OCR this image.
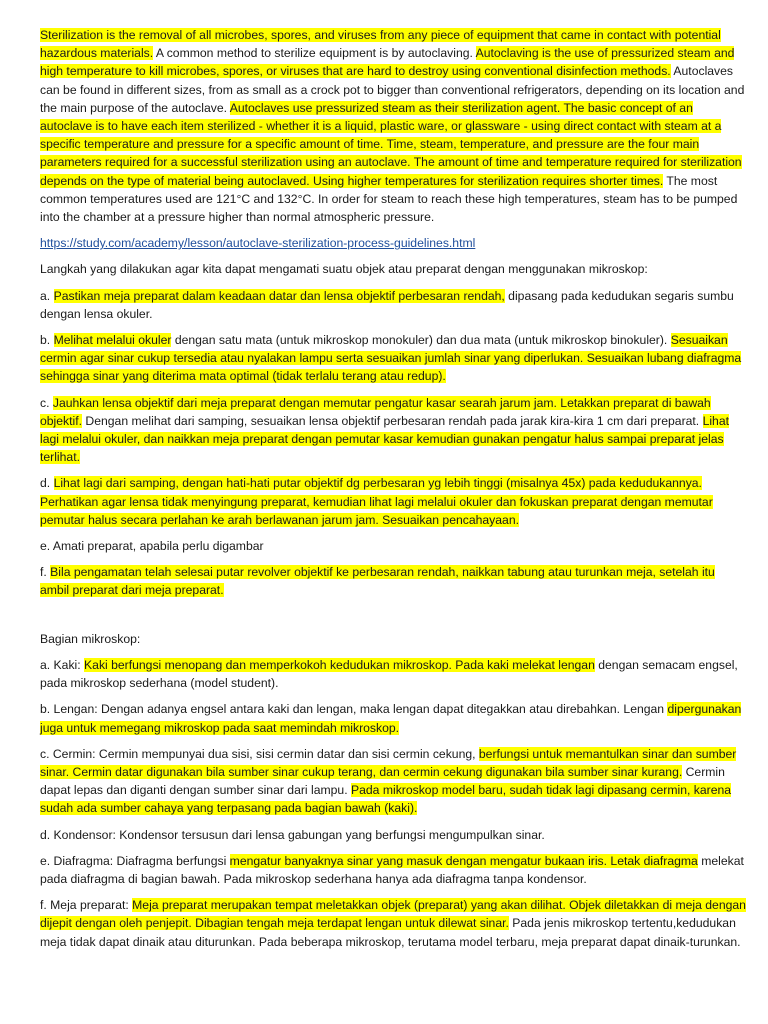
Sterilization is the removal of all microbes, spores, and viruses from any piece of equipment that came in contact with potential hazardous materials. A common method to sterilize equipment is by autoclaving. Autoclaving is the use of pressurized steam and high temperature to kill microbes, spores, or viruses that are hard to destroy using conventional disinfection methods. Autoclaves can be found in different sizes, from as small as a crock pot to bigger than conventional refrigerators, depending on its location and the main purpose of the autoclave. Autoclaves use pressurized steam as their sterilization agent. The basic concept of an autoclave is to have each item sterilized - whether it is a liquid, plastic ware, or glassware - using direct contact with steam at a specific temperature and pressure for a specific amount of time. Time, steam, temperature, and pressure are the four main parameters required for a successful sterilization using an autoclave. The amount of time and temperature required for sterilization depends on the type of material being autoclaved. Using higher temperatures for sterilization requires shorter times. The most common temperatures used are 121°C and 132°C. In order for steam to reach these high temperatures, steam has to be pumped into the chamber at a pressure higher than normal atmospheric pressure.

https://study.com/academy/lesson/autoclave-sterilization-process-guidelines.html

Langkah yang dilakukan agar kita dapat mengamati suatu objek atau preparat dengan menggunakan mikroskop:

a. Pastikan meja preparat dalam keadaan datar dan lensa objektif perbesaran rendah, dipasang pada kedudukan segaris sumbu dengan lensa okuler.

b. Melihat melalui okuler dengan satu mata (untuk mikroskop monokuler) dan dua mata (untuk mikroskop binokuler). Sesuaikan cermin agar sinar cukup tersedia atau nyalakan lampu serta sesuaikan jumlah sinar yang diperlukan. Sesuaikan lubang diafragma sehingga sinar yang diterima mata optimal (tidak terlalu terang atau redup).

c. Jauhkan lensa objektif dari meja preparat dengan memutar pengatur kasar searah jarum jam. Letakkan preparat di bawah objektif. Dengan melihat dari samping, sesuaikan lensa objektif perbesaran rendah pada jarak kira-kira 1 cm dari preparat. Lihat lagi melalui okuler, dan naikkan meja preparat dengan pemutar kasar kemudian gunakan pengatur halus sampai preparat jelas terlihat.

d. Lihat lagi dari samping, dengan hati-hati putar objektif dg perbesaran yg lebih tinggi (misalnya 45x) pada kedudukannya. Perhatikan agar lensa tidak menyingung preparat, kemudian lihat lagi melalui okuler dan fokuskan preparat dengan memutar pemutar halus secara perlahan ke arah berlawanan jarum jam. Sesuaikan pencahayaan.

e. Amati preparat, apabila perlu digambar

f. Bila pengamatan telah selesai putar revolver objektif ke perbesaran rendah, naikkan tabung atau turunkan meja, setelah itu ambil preparat dari meja preparat.

Bagian mikroskop:

a. Kaki: Kaki berfungsi menopang dan memperkokoh kedudukan mikroskop. Pada kaki melekat lengan dengan semacam engsel, pada mikroskop sederhana (model student).

b. Lengan: Dengan adanya engsel antara kaki dan lengan, maka lengan dapat ditegakkan atau direbahkan. Lengan dipergunakan juga untuk memegang mikroskop pada saat memindah mikroskop.

c. Cermin: Cermin mempunyai dua sisi, sisi cermin datar dan sisi cermin cekung, berfungsi untuk memantulkan sinar dan sumber sinar. Cermin datar digunakan bila sumber sinar cukup terang, dan cermin cekung digunakan bila sumber sinar kurang. Cermin dapat lepas dan diganti dengan sumber sinar dari lampu. Pada mikroskop model baru, sudah tidak lagi dipasang cermin, karena sudah ada sumber cahaya yang terpasang pada bagian bawah (kaki).

d. Kondensor: Kondensor tersusun dari lensa gabungan yang berfungsi mengumpulkan sinar.

e. Diafragma: Diafragma berfungsi mengatur banyaknya sinar yang masuk dengan mengatur bukaan iris. Letak diafragma melekat pada diafragma di bagian bawah. Pada mikroskop sederhana hanya ada diafragma tanpa kondensor.

f. Meja preparat: Meja preparat merupakan tempat meletakkan objek (preparat) yang akan dilihat. Objek diletakkan di meja dengan dijepit dengan oleh penjepit. Dibagian tengah meja terdapat lengan untuk dilewat sinar. Pada jenis mikroskop tertentu,kedudukan meja tidak dapat dinaik atau diturunkan. Pada beberapa mikroskop, terutama model terbaru, meja preparat dapat dinaik-turunkan.
